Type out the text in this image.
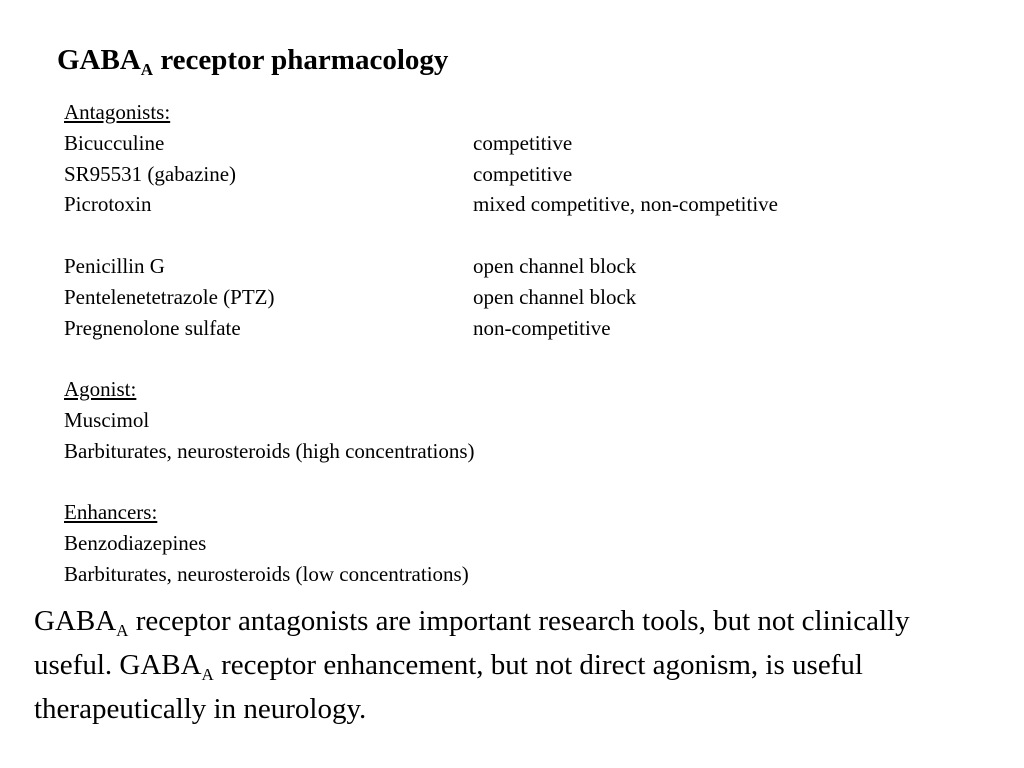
$GABA_A$ receptor pharmacology
Antagonists:
Bicucculine	competitive
SR95531 (gabazine)	competitive
Picrotoxin	mixed competitive, non-competitive
Penicillin G	open channel block
Pentelenetetrazole (PTZ)	open channel block
Pregnenolone sulfate	non-competitive
Agonist:
Muscimol
Barbiturates, neurosteroids (high concentrations)
Enhancers:
Benzodiazepines
Barbiturates, neurosteroids (low concentrations)
$GABA_A$ receptor antagonists are important research tools, but not clinically useful. $GABA_A$ receptor enhancement, but not direct agonism, is useful therapeutically in neurology.
